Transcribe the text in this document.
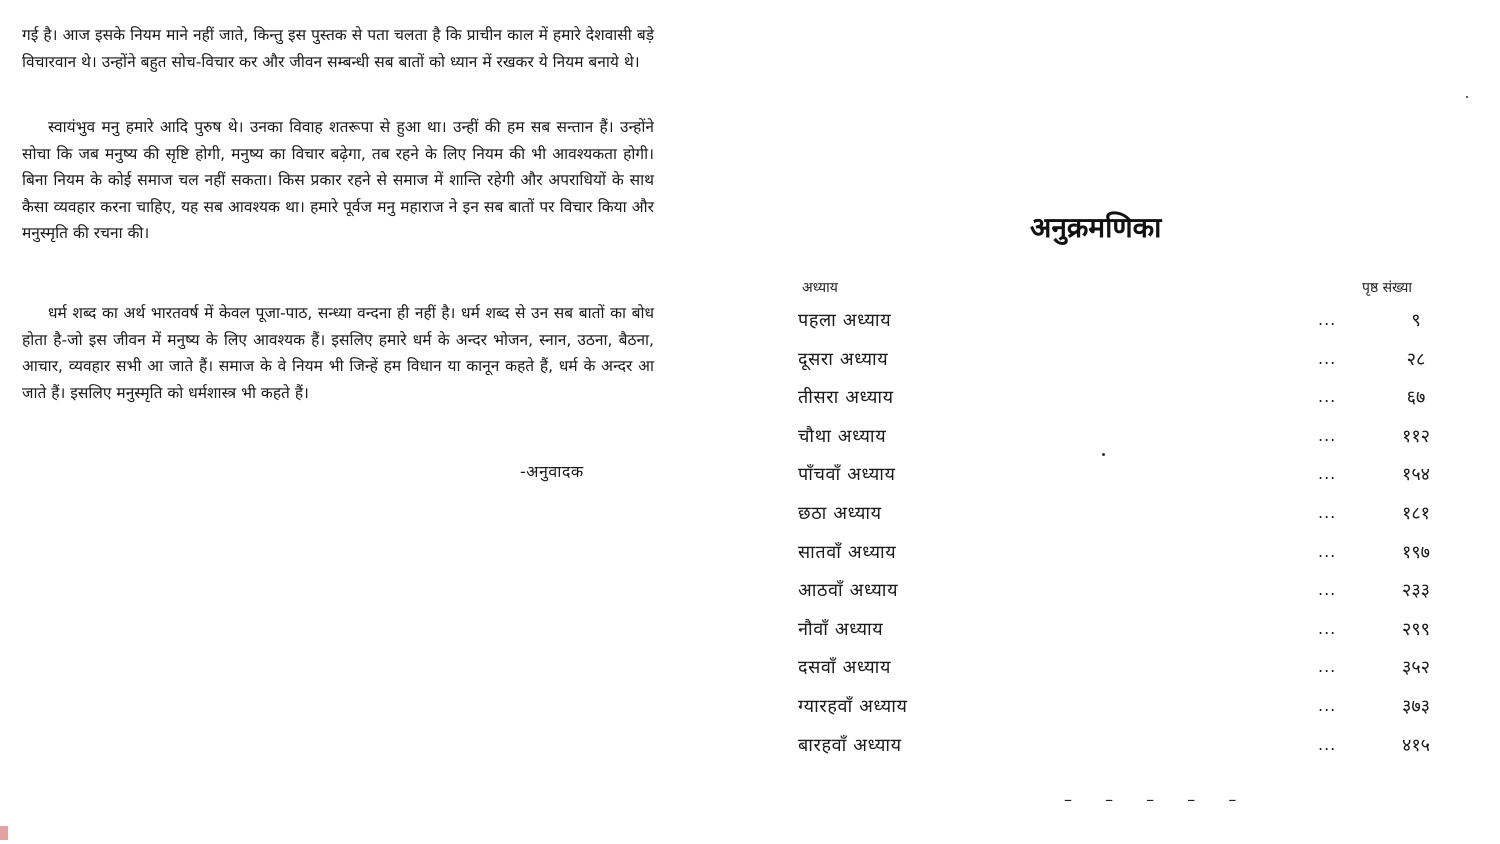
गई है। आज इसके नियम माने नहीं जाते, किन्तु इस पुस्तक से पता चलता है कि प्राचीन काल में हमारे देशवासी बड़े विचारवान थे। उन्होंने बहुत सोच-विचार कर और जीवन सम्बन्धी सब बातों को ध्यान में रखकर ये नियम बनाये थे।

स्वायंभुव मनु हमारे आदि पुरुष थे। उनका विवाह शतरूपा से हुआ था। उन्हीं की हम सब सन्तान हैं। उन्होंने सोचा कि जब मनुष्य की सृष्टि होगी, मनुष्य का विचार बढ़ेगा, तब रहने के लिए नियम की भी आवश्यकता होगी। बिना नियम के कोई समाज चल नहीं सकता। किस प्रकार रहने से समाज में शान्ति रहेगी और अपराधियों के साथ कैसा व्यवहार करना चाहिए, यह सब आवश्यक था। हमारे पूर्वज मनु महाराज ने इन सब बातों पर विचार किया और मनुस्मृति की रचना की।

धर्म शब्द का अर्थ भारतवर्ष में केवल पूजा-पाठ, सन्ध्या वन्दना ही नहीं है। धर्म शब्द से उन सब बातों का बोध होता है-जो इस जीवन में मनुष्य के लिए आवश्यक हैं। इसलिए हमारे धर्म के अन्दर भोजन, स्नान, उठना, बैठना, आचार, व्यवहार सभी आ जाते हैं। समाज के वे नियम भी जिन्हें हम विधान या कानून कहते हैं, धर्म के अन्दर आ जाते हैं। इसलिए मनुस्मृति को धर्मशास्त्र भी कहते हैं।

-अनुवादक
अनुक्रमणिका
अध्याय	पृष्ठ संख्या
पहला अध्याय	...	९
दूसरा अध्याय	...	२८
तीसरा अध्याय	...	६७
चौथा अध्याय	...	११२
पाँचवाँ अध्याय	...	१५४
छठा अध्याय	...	१८१
सातवाँ अध्याय	...	१९७
आठवाँ अध्याय	...	२३३
नौवाँ अध्याय	...	२९९
दसवाँ अध्याय	...	३५२
ग्यारहवाँ अध्याय	...	३७३
बारहवाँ अध्याय	...	४१५
– – – – –
